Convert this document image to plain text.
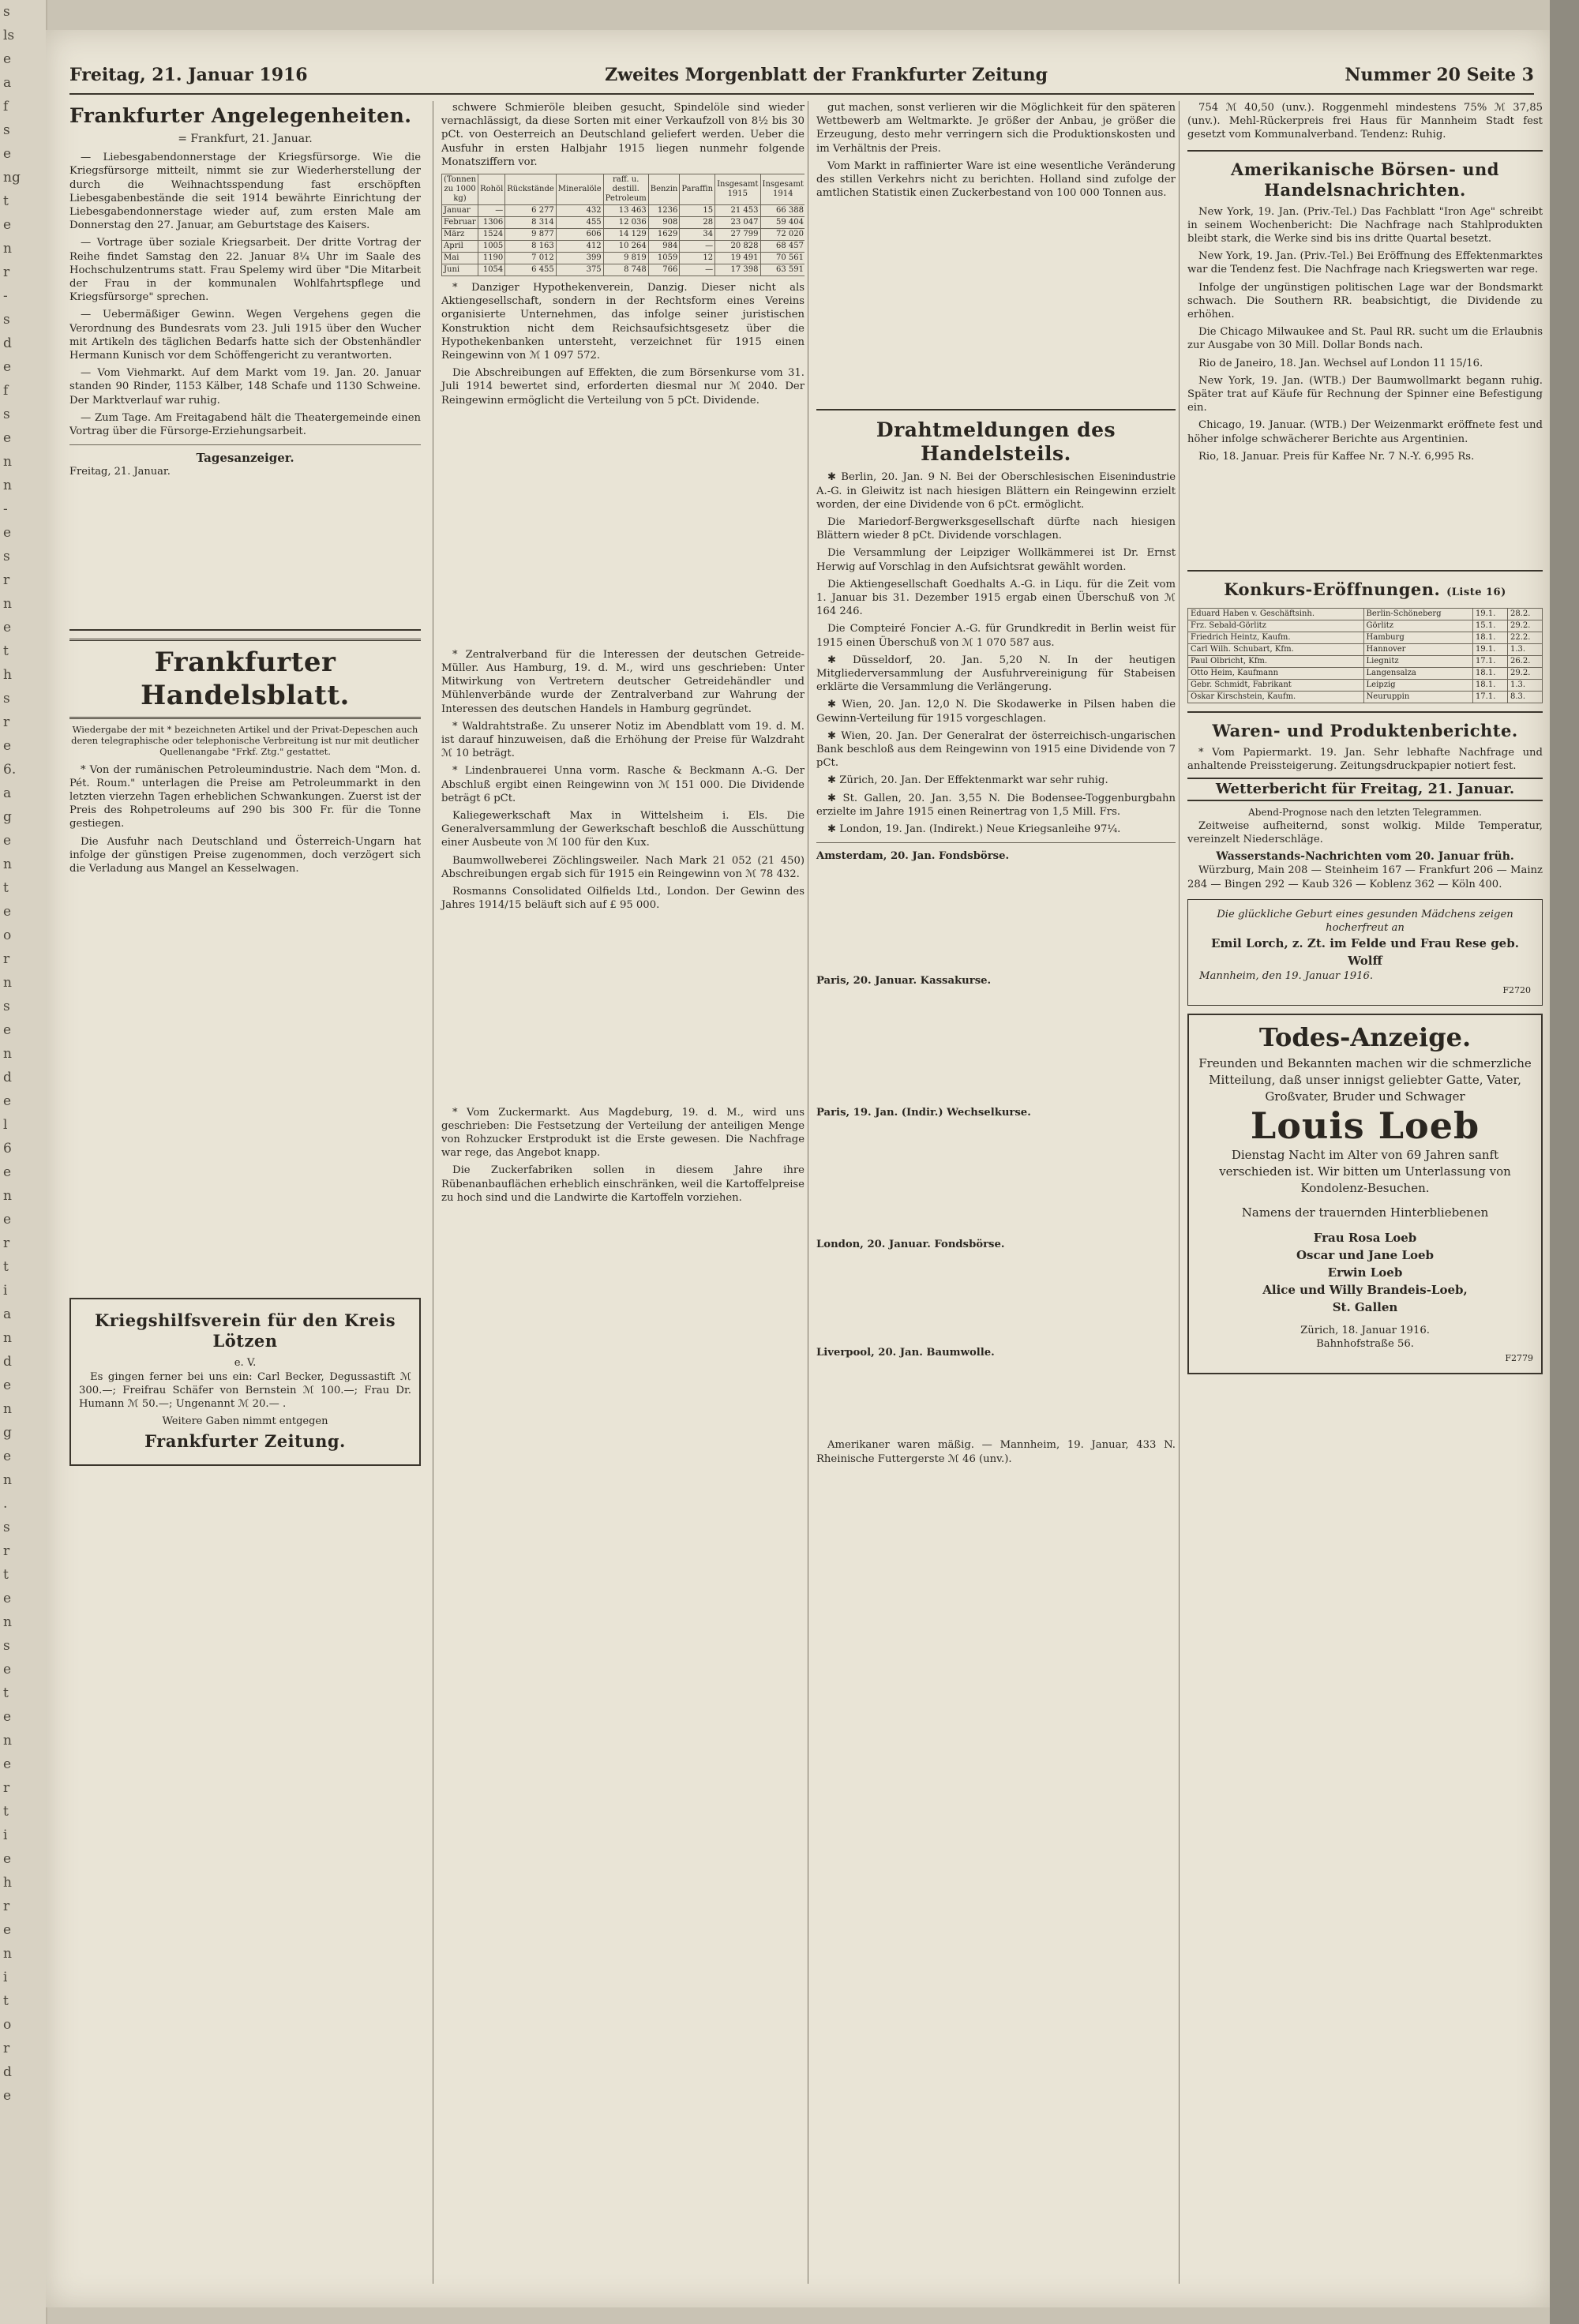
s
ls
e
a
f
s
e
ng
t
e
n
r
-
s
d
e
f
s
e
n
n
-
e
s
r
n
e
t
h
s
r
e
6.
a
g
e
n
t
e
o
r
n
s
e
n
d
e
l
6
e
n
e
r
t
i
a
n
d
e
n
g
e
n
.
s
r
t
e
n
s
e
t
e
n
e
r
t
i
e
h
r
e
n
i
t
o
r
d
e
Freitag, 21. Januar 1916	Zweites Morgenblatt der Frankfurter Zeitung	Nummer 20 Seite 3
Frankfurter Angelegenheiten.
= Frankfurt, 21. Januar.

— Liebesgabendonnerstage der Kriegsfürsorge. Wie die Kriegsfürsorge mitteilt, nimmt sie zur Wiederherstellung der durch die Weihnachtsspendung fast erschöpften Liebesgabenbestände die seit 1914 bewährte Einrichtung der Liebesgabendonnerstage wieder auf, zum ersten Male am Donnerstag den 27. Januar, am Geburtstage des Kaisers.

— Vortrage über soziale Kriegsarbeit. Der dritte Vortrag der Reihe findet Samstag den 22. Januar 8¼ Uhr im Saale des Hochschulzentrums statt. Frau Spelemy wird über "Die Mitarbeit der Frau in der kommunalen Wohlfahrtspflege und Kriegsfürsorge" sprechen.

— Uebermäßiger Gewinn. Wegen Vergehens gegen die Verordnung des Bundesrats vom 23. Juli 1915 über den Wucher mit Artikeln des täglichen Bedarfs hatte sich der Obstenhändler Hermann Kunisch vor dem Schöffengericht zu verantworten.

— Vom Viehmarkt. Auf dem Markt vom 19. Jan. 20. Januar standen 90 Rinder, 1153 Kälber, 148 Schafe und 1130 Schweine. Der Marktverlauf war ruhig.

— Zum Tage. Am Freitagabend hält die Theatergemeinde einen Vortrag über die Fürsorge-Erziehungsarbeit.

Tagesanzeiger.
Freitag, 21. Januar.
Frankfurter Handelsblatt.
Wiedergabe der mit * bezeichneten Artikel und der Privat-Depeschen auch deren telegraphische oder telephonische Verbreitung ist nur mit deutlicher Quellenangabe "Frkf. Ztg." gestattet.

* Von der rumänischen Petroleumindustrie. Nach dem "Mon. d. Pét. Roum." unterlagen die Preise am Petroleummarkt in den letzten vierzehn Tagen erheblichen Schwankungen. Zuerst ist der Preis des Rohpetroleums auf 290 bis 300 Fr. für die Tonne gestiegen.

Die Ausfuhr nach Deutschland und Österreich-Ungarn hat infolge der günstigen Preise zugenommen, doch verzögert sich die Verladung aus Mangel an Kesselwagen.

Kriegshilfsverein für den Kreis Lötzen
e. V.

Es gingen ferner bei uns ein: Carl Becker, Degussastift ℳ 300.—; Freifrau Schäfer von Bernstein ℳ 100.—; Frau Dr. Humann ℳ 50.—; Ungenannt ℳ 20.— .

Weitere Gaben nimmt entgegen
Frankfurter Zeitung.

schwere Schmieröle bleiben gesucht, Spindelöle sind wieder vernachlässigt, da diese Sorten mit einer Verkaufzoll von 8½ bis 30 pCt. von Oesterreich an Deutschland geliefert werden. Ueber die Ausfuhr in ersten Halbjahr 1915 liegen nunmehr folgende Monatsziffern vor.

(Tonnen zu 1000 kg)	Rohöl	Rückstände	Mineralöle	raff. u. destill. Petroleum	Benzin	Paraffin	Insgesamt 1915	Insgesamt 1914
Januar	—	6 277	432	13 463	1236	15	21 453	66 388
Februar	1306	8 314	455	12 036	908	28	23 047	59 404
März	1524	9 877	606	14 129	1629	34	27 799	72 020
April	1005	8 163	412	10 264	984	—	20 828	68 457
Mai	1190	7 012	399	9 819	1059	12	19 491	70 561
Juni	1054	6 455	375	8 748	766	—	17 398	63 591

* Danziger Hypothekenverein, Danzig. Dieser nicht als Aktiengesellschaft, sondern in der Rechtsform eines Vereins organisierte Unternehmen, das infolge seiner juristischen Konstruktion nicht dem Reichsaufsichtsgesetz über die Hypothekenbanken untersteht, verzeichnet für 1915 einen Reingewinn von ℳ 1 097 572.

Die Abschreibungen auf Effekten, die zum Börsenkurse vom 31. Juli 1914 bewertet sind, erforderten diesmal nur ℳ 2040. Der Reingewinn ermöglicht die Verteilung von 5 pCt. Dividende.

* Zentralverband für die Interessen der deutschen Getreide-Müller. Aus Hamburg, 19. d. M., wird uns geschrieben: Unter Mitwirkung von Vertretern deutscher Getreidehändler und Mühlenverbände wurde der Zentralverband zur Wahrung der Interessen des deutschen Handels in Hamburg gegründet.

* Waldrahtstraße. Zu unserer Notiz im Abendblatt vom 19. d. M. ist darauf hinzuweisen, daß die Erhöhung der Preise für Walzdraht ℳ 10 beträgt.

* Lindenbrauerei Unna vorm. Rasche & Beckmann A.-G. Der Abschluß ergibt einen Reingewinn von ℳ 151 000. Die Dividende beträgt 6 pCt.

Kaliegewerkschaft Max in Wittelsheim i. Els. Die Generalversammlung der Gewerkschaft beschloß die Ausschüttung einer Ausbeute von ℳ 100 für den Kux.

Baumwollweberei Zöchlingsweiler. Nach Mark 21 052 (21 450) Abschreibungen ergab sich für 1915 ein Reingewinn von ℳ 78 432.

Rosmanns Consolidated Oilfields Ltd., London. Der Gewinn des Jahres 1914/15 beläuft sich auf £ 95 000.

* Vom Zuckermarkt. Aus Magdeburg, 19. d. M., wird uns geschrieben: Die Festsetzung der Verteilung der anteiligen Menge von Rohzucker Erstprodukt ist die Erste gewesen. Die Nachfrage war rege, das Angebot knapp.

Die Zuckerfabriken sollen in diesem Jahre ihre Rübenanbauflächen erheblich einschränken, weil die Kartoffelpreise zu hoch sind und die Landwirte die Kartoffeln vorziehen.

gut machen, sonst verlieren wir die Möglichkeit für den späteren Wettbewerb am Weltmarkte. Je größer der Anbau, je größer die Erzeugung, desto mehr verringern sich die Produktionskosten und im Verhältnis der Preis.

Vom Markt in raffinierter Ware ist eine wesentliche Veränderung des stillen Verkehrs nicht zu berichten. Holland sind zufolge der amtlichen Statistik einen Zuckerbestand von 100 000 Tonnen aus.

Drahtmeldungen des Handelsteils.

✱ Berlin, 20. Jan. 9 N. Bei der Oberschlesischen Eisenindustrie A.-G. in Gleiwitz ist nach hiesigen Blättern ein Reingewinn erzielt worden, der eine Dividende von 6 pCt. ermöglicht.

Die Mariedorf-Bergwerksgesellschaft dürfte nach hiesigen Blättern wieder 8 pCt. Dividende vorschlagen.

Die Versammlung der Leipziger Wollkämmerei ist Dr. Ernst Herwig auf Vorschlag in den Aufsichtsrat gewählt worden.

Die Aktiengesellschaft Goedhalts A.-G. in Liqu. für die Zeit vom 1. Januar bis 31. Dezember 1915 ergab einen Überschuß von ℳ 164 246.

Die Compteiré Foncier A.-G. für Grundkredit in Berlin weist für 1915 einen Überschuß von ℳ 1 070 587 aus.

✱ Düsseldorf, 20. Jan. 5,20 N. In der heutigen Mitgliederversammlung der Ausfuhrvereinigung für Stabeisen erklärte die Versammlung die Verlängerung.

✱ Wien, 20. Jan. 12,0 N. Die Skodawerke in Pilsen haben die Gewinn-Verteilung für 1915 vorgeschlagen.

✱ Wien, 20. Jan. Der Generalrat der österreichisch-ungarischen Bank beschloß aus dem Reingewinn von 1915 eine Dividende von 7 pCt.

✱ Zürich, 20. Jan. Der Effektenmarkt war sehr ruhig.

✱ St. Gallen, 20. Jan. 3,55 N. Die Bodensee-Toggenburgbahn erzielte im Jahre 1915 einen Reinertrag von 1,5 Mill. Frs.

✱ London, 19. Jan. (Indirekt.) Neue Kriegsanleihe 97¼.

Amsterdam, 20. Jan. Fondsbörse.
Paris, 20. Januar. Kassakurse.
Paris, 19. Jan. (Indir.) Wechselkurse.
London, 20. Januar. Fondsbörse.
Liverpool, 20. Jan. Baumwolle.

Amerikaner waren mäßig. — Mannheim, 19. Januar, 433 N. Rheinische Futtergerste ℳ 46 (unv.).

754 ℳ 40,50 (unv.). Roggenmehl mindestens 75% ℳ 37,85 (unv.). Mehl-Rückerpreis frei Haus für Mannheim Stadt fest gesetzt vom Kommunalverband. Tendenz: Ruhig.

Amerikanische Börsen- und Handelsnachrichten.

New York, 19. Jan. (Priv.-Tel.) Das Fachblatt "Iron Age" schreibt in seinem Wochenbericht: Die Nachfrage nach Stahlprodukten bleibt stark, die Werke sind bis ins dritte Quartal besetzt.

New York, 19. Jan. (Priv.-Tel.) Bei Eröffnung des Effektenmarktes war die Tendenz fest. Die Nachfrage nach Kriegswerten war rege.

Infolge der ungünstigen politischen Lage war der Bondsmarkt schwach. Die Southern RR. beabsichtigt, die Dividende zu erhöhen.

Die Chicago Milwaukee and St. Paul RR. sucht um die Erlaubnis zur Ausgabe von 30 Mill. Dollar Bonds nach.

Rio de Janeiro, 18. Jan. Wechsel auf London 11 15/16.

New York, 19. Jan. (WTB.) Der Baumwollmarkt begann ruhig. Später trat auf Käufe für Rechnung der Spinner eine Befestigung ein.

Chicago, 19. Januar. (WTB.) Der Weizenmarkt eröffnete fest und höher infolge schwächerer Berichte aus Argentinien.

Rio, 18. Januar. Preis für Kaffee Nr. 7 N.-Y. 6,995 Rs.

Konkurs-Eröffnungen. (Liste 16)
Eduard Haben v. Geschäftsinh.	Berlin-Schöneberg	19.1.	28.2.
Frz. Sebald-Görlitz	Görlitz	15.1.	29.2.
Friedrich Heintz, Kaufm.	Hamburg	18.1.	22.2.
Carl Wilh. Schubart, Kfm.	Hannover	19.1.	1.3.
Paul Olbricht, Kfm.	Liegnitz	17.1.	26.2.
Otto Heim, Kaufmann	Langensalza	18.1.	29.2.
Gebr. Schmidt, Fabrikant	Leipzig	18.1.	1.3.
Oskar Kirschstein, Kaufm.	Neuruppin	17.1.	8.3.
Waren- und Produktenberichte.

* Vom Papiermarkt. 19. Jan. Sehr lebhafte Nachfrage und anhaltende Preissteigerung. Zeitungsdruckpapier notiert fest.

Wetterbericht für Freitag, 21. Januar.
Abend-Prognose nach den letzten Telegrammen.

Zeitweise aufheiternd, sonst wolkig. Milde Temperatur, vereinzelt Niederschläge.

Wasserstands-Nachrichten vom 20. Januar früh.

Würzburg, Main 208 — Steinheim 167 — Frankfurt 206 — Mainz 284 — Bingen 292 — Kaub 326 — Koblenz 362 — Köln 400.

Die glückliche Geburt eines gesunden Mädchens zeigen hocherfreut an
Emil Lorch, z. Zt. im Felde und Frau Rese geb. Wolff
Mannheim, den 19. Januar 1916.
F2720
Todes-Anzeige.

Freunden und Bekannten machen wir die schmerzliche Mitteilung, daß unser innigst geliebter Gatte, Vater, Großvater, Bruder und Schwager

Louis Loeb

Dienstag Nacht im Alter von 69 Jahren sanft verschieden ist. Wir bitten um Unterlassung von Kondolenz-Besuchen.

Namens der trauernden Hinterbliebenen

Frau Rosa Loeb
Oscar und Jane Loeb
Erwin Loeb
Alice und Willy Brandeis-Loeb,
St. Gallen
Zürich, 18. Januar 1916.
Bahnhofstraße 56.
F2779
